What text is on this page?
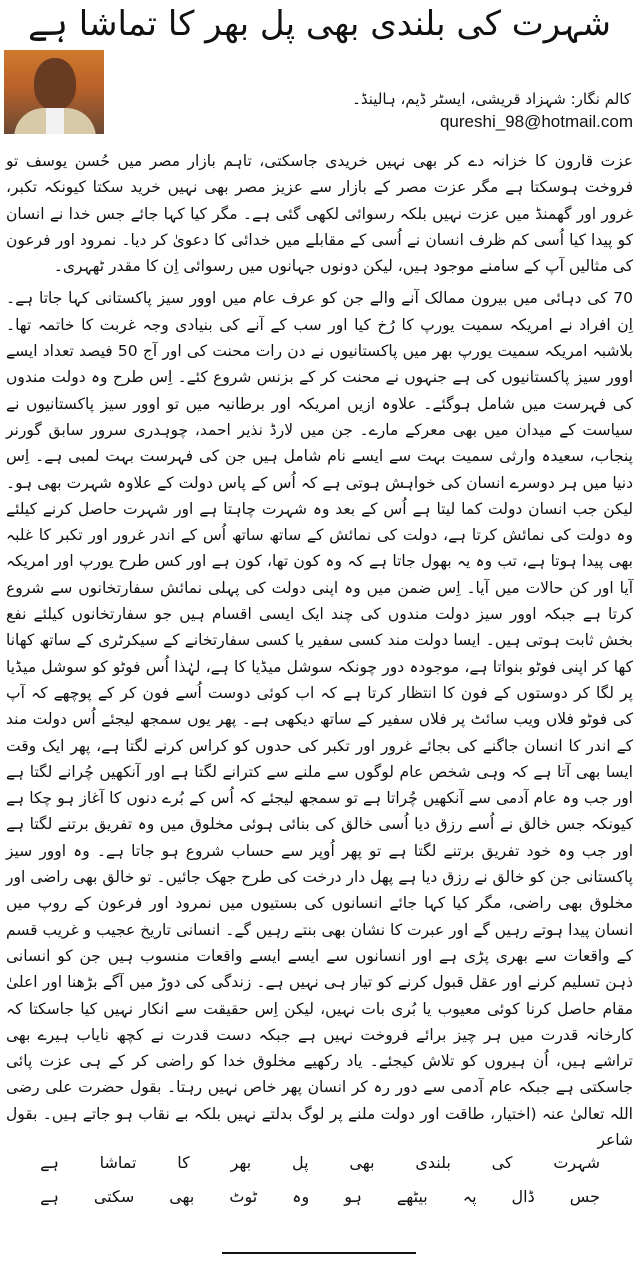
شہرت کی بلندی بھی پل بھر کا تماشا ہے
کالم نگار: شہزاد قریشی، ایسٹر ڈیم، ہالینڈ۔
qureshi_98@hotmail.com

عزت قارون کا خزانہ دے کر بھی نہیں خریدی جاسکتی، تاہم بازار مصر میں حُسن یوسف تو فروخت ہوسکتا ہے مگر عزت مصر کے بازار سے عزیز مصر بھی نہیں خرید سکتا کیونکہ تکبر، غرور اور گھمنڈ میں عزت نہیں بلکہ رسوائی لکھی گئی ہے۔ مگر کیا کہا جائے جس خدا نے انسان کو پیدا کیا اُسی کم ظرف انسان نے اُسی کے مقابلے میں خدائی کا دعویٰ کر دیا۔ نمرود اور فرعون کی مثالیں آپ کے سامنے موجود ہیں، لیکن دونوں جہانوں میں رسوائی اِن کا مقدر ٹھہری۔

70 کی دہائی میں بیرون ممالک آنے والے جن کو عرف عام میں اوور سیز پاکستانی کہا جاتا ہے۔ اِن افراد نے امریکہ سمیت یورپ کا رُخ کیا اور سب کے آنے کی بنیادی وجہ غربت کا خاتمہ تھا۔ بلاشبہ امریکہ سمیت یورپ بھر میں پاکستانیوں نے دن رات محنت کی اور آج 50 فیصد تعداد ایسے اوور سیز پاکستانیوں کی ہے جنہوں نے محنت کر کے بزنس شروع کئے۔ اِس طرح وہ دولت مندوں کی فہرست میں شامل ہوگئے۔ علاوہ ازیں امریکہ اور برطانیہ میں تو اوور سیز پاکستانیوں نے سیاست کے میدان میں بھی معرکے مارے۔ جن میں لارڈ نذیر احمد، چوہدری سرور سابق گورنر پنجاب، سعیدہ وارثی سمیت بہت سے ایسے نام شامل ہیں جن کی فہرست بہت لمبی ہے۔ اِس دنیا میں ہر دوسرے انسان کی خواہش ہوتی ہے کہ اُس کے پاس دولت کے علاوہ شہرت بھی ہو۔ لیکن جب انسان دولت کما لیتا ہے اُس کے بعد وہ شہرت چاہتا ہے اور شہرت حاصل کرنے کیلئے وہ دولت کی نمائش کرتا ہے، دولت کی نمائش کے ساتھ ساتھ اُس کے اندر غرور اور تکبر کا غلبہ بھی پیدا ہوتا ہے، تب وہ یہ بھول جاتا ہے کہ وہ کون تھا، کون ہے اور کس طرح یورپ اور امریکہ آیا اور کن حالات میں آیا۔ اِس ضمن میں وہ اپنی دولت کی پہلی نمائش سفارتخانوں سے شروع کرتا ہے جبکہ اوور سیز دولت مندوں کی چند ایک ایسی اقسام ہیں جو سفارتخانوں کیلئے نفع بخش ثابت ہوتی ہیں۔ ایسا دولت مند کسی سفیر یا کسی سفارتخانے کے سیکرٹری کے ساتھ کھانا کھا کر اپنی فوٹو بنواتا ہے، موجودہ دور چونکہ سوشل میڈیا کا ہے، لہٰذا اُس فوٹو کو سوشل میڈیا پر لگا کر دوستوں کے فون کا انتظار کرتا ہے کہ اب کوئی دوست اُسے فون کر کے پوچھے کہ آپ کی فوٹو فلاں ویب سائٹ پر فلاں سفیر کے ساتھ دیکھی ہے۔ پھر یوں سمجھ لیجئے اُس دولت مند کے اندر کا انسان جاگنے کی بجائے غرور اور تکبر کی حدوں کو کراس کرنے لگتا ہے، پھر ایک وقت ایسا بھی آتا ہے کہ وہی شخص عام لوگوں سے ملنے سے کترانے لگتا ہے اور آنکھیں چُرانے لگتا ہے اور جب وہ عام آدمی سے آنکھیں چُراتا ہے تو سمجھ لیجئے کہ اُس کے بُرے دنوں کا آغاز ہو چکا ہے کیونکہ جس خالق نے اُسے رزق دیا اُسی خالق کی بنائی ہوئی مخلوق میں وہ تفریق برتنے لگتا ہے اور جب وہ خود تفریق برتنے لگتا ہے تو پھر اُوپر سے حساب شروع ہو جاتا ہے۔ وہ اوور سیز پاکستانی جن کو خالق نے رزق دیا ہے پھل دار درخت کی طرح جھک جائیں۔ تو خالق بھی راضی اور مخلوق بھی راضی، مگر کیا کہا جائے انسانوں کی بستیوں میں نمرود اور فرعون کے روپ میں انسان پیدا ہوتے رہیں گے اور عبرت کا نشان بھی بنتے رہیں گے۔ انسانی تاریخ عجیب و غریب قسم کے واقعات سے بھری پڑی ہے اور انسانوں سے ایسے ایسے واقعات منسوب ہیں جن کو انسانی ذہن تسلیم کرنے اور عقل قبول کرنے کو تیار ہی نہیں ہے۔ زندگی کی دوڑ میں آگے بڑھنا اور اعلیٰ مقام حاصل کرنا کوئی معیوب یا بُری بات نہیں، لیکن اِس حقیقت سے انکار نہیں کیا جاسکتا کہ کارخانہ قدرت میں ہر چیز برائے فروخت نہیں ہے جبکہ دست قدرت نے کچھ نایاب ہیرے بھی تراشے ہیں، اُن ہیروں کو تلاش کیجئے۔ یاد رکھیے مخلوق خدا کو راضی کر کے ہی عزت پائی جاسکتی ہے جبکہ عام آدمی سے دور رہ کر انسان پھر خاص نہیں رہتا۔ بقول حضرت علی رضی اللہ تعالیٰ عنہ (اختیار، طاقت اور دولت ملنے پر لوگ بدلتے نہیں بلکہ بے نقاب ہو جاتے ہیں۔ بقول شاعر

شہرت
کی
بلندی
بھی
پل
بھر
کا
تماشا
ہے
جس
ڈال
پہ
بیٹھے
ہو
وہ
ٹوٹ
بھی
سکتی
ہے
